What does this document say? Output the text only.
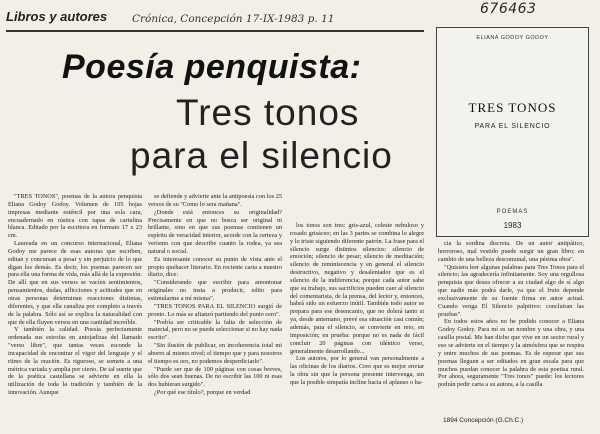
Libros y autores Crónica, Concepción 17-IX-1983 p. 11
676463
Poesía penquista:
Tres tonos
para el silencio
ELIANA GODOY GODOY
TRES TONOS
PARA EL SILENCIO
POEMAS
1983

"TRES TONOS", poemas de la autora penquista Eliana Godoy Godoy. Volumen de 105 hojas impresas mediante esténcil por una sola cara, encuadernado en rústica con tapas de cartulina blanca. Editado por la escritora en formato 17 x 23 cm.

Laureada en un concurso internacional, Eliana Godoy me parece de esas autoras que escriben, editan y concursan a pesar y sin perjuicio de lo que digan los demás. Es decir, los poemas parecen ser para ella una forma de vida, más allá de la expresión. De allí que en sus versos se vacíen sentimientos, pensamientos, dudas, aflicciones y actitudes que en otras personas determinan reacciones distintas, diferentes, y que ella canaliza por completo a través de la palabra. Sólo así se explica la naturalidad con que de ella fluyen versos en una cantidad increíble.

Y también la calidad. Poesía perfectamente ordenada sus estrofas en antojadizas del llamado "verso libre", que tantas veces esconde la incapacidad de encontrar el vigor del lenguaje y el ritmo de la oración. Es riguroso, se somete a una métrica variada y amplia por cierto. De tal suerte que de la poética castellana se advierte en ella la utilización de toda la tradición y también de la innovación. Aunque

se defiende y advierte ante la antipoesía con los 25 versos de su "Como lo sera mañana".

¿Donde está entonces su originalidad? Precisamente en que no busca ser original ni brillante, sino en que sus poemas contienen un espíritu de veracidad interior, acorde con la certeza y verismo con que describe cuanto la rodea, ya sea natural o social.

Es interesante conocer su punto de vista ante el propio quehacer literario. En reciente carta a nuestro diario, dice:

"Considerando que escribir para amontonar originales no insta a producir, edito para estimularme a mí misma".

"TRES TONOS PARA EL SILENCIO surgió de pronto. Lo más se afianzó partiendo del punto cero".

"Podría ser criticable la falta de selección de material, pero no se puede seleccionar si no hay nada escrito".

"Sin ilusión de publicar, en incoherencia total mi ahorro al mismo nivel; el tiempo que y para nosotros el tiempo es oro, no podemos desperdiciarlo".

"Puede ser que de 100 páginas con cosas breves, sólo dos sean buenas. De no escribir las 100 ni esas dos hubieran surgido".

¿Por qué ese título?, porque en verdad

los tonos son tres: gris-azul, celeste nebuloso y rosado grisáceo; en las 3 partes se combina lo alegre y lo triste siguiendo diferente patrón. La frase para el silencio surge distintos silencios: silencio de emoción; silencio de pesar; silencio de meditación; silencio de reminiscencia y en general el silencio destructivo, negativo y desalentador que es el silencio de la indiferencia; porque cada autor sabe que su trabajo, sus sacrificios pueden caer al silencio del comentarista, de la prensa, del lector y, entonces, habrá sido un esfuerzo inútil. También todo autor se prepara para ese desencanto, que no dolerá tanto si ya, desde antemano, prevé esa situación casi común; además, para el silencio, se convierte en reto, en imposición; en prueba: porque no es nada de fácil concluir 20 páginas con idéntico verso, generalmente desarrollando...

Los autores, por lo general van personalmente a las oficinas de los diarios. Creo que es mejor enviar la obra sin que la persona presente intervenga, sin que la posible simpatía incline hacia el aplauso o ha-

cia la sordina discreta. De un autor antipático, horroroso, mal vestido puede surgir un gran libro; en cambio de una belleza descomunal, una pésima obra".

"Quisiera leer algunas palabras para Tres Tonos para el silencio; las agradecería infinitamente. Soy una orgullosa penquista que desea ofrecer a su ciudad algo de sí algo que nadie más podrá darle, ya que el fruto depende exclusivamente de su fuente firma en autor actual. Cuando venga El Silencio palpitivo: concluiran las pruebas".

En todos estos años no he podido conocer a Eliana Godoy Godoy. Para mí es un nombre y una obra, y una casilla postal. Me han dicho que vive en un sector rural y eso se advierte en el tiempo y la atmósfera que se respira y entre muchos de sus poemas. Es de esperar que sus poemas lleguen a ser editados en gran escala para que muchos puedan conocer la palabra de esta poetisa rural. Por ahora, seguramente "Tres tonos" puede: los lectores podrán pedir carta a su autora, a la casilla

1894 Concepción (G.Ch.C.)
